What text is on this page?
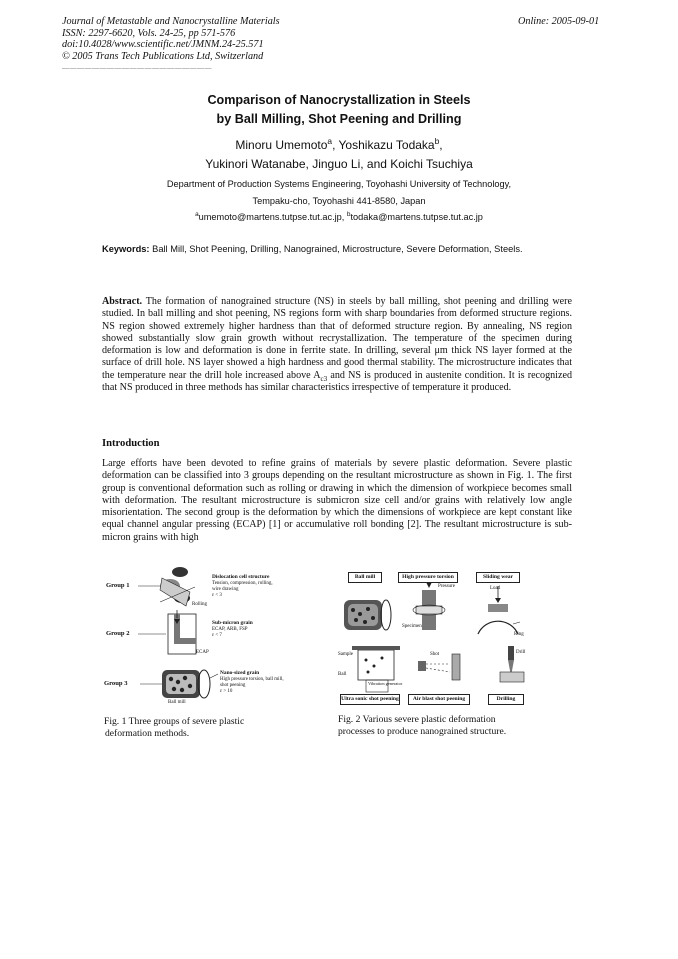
Journal of Metastable and Nanocrystalline Materials
ISSN: 2297-6620, Vols. 24-25, pp 571-576
doi:10.4028/www.scientific.net/JMNM.24-25.571
© 2005 Trans Tech Publications Ltd, Switzerland
Online: 2005-09-01
————————————————————
Comparison of Nanocrystallization in Steels
by Ball Milling, Shot Peening and Drilling
Minoru Umemoto$^a$, Yoshikazu Todaka$^b$,
Yukinori Watanabe, Jinguo Li, and Koichi Tsuchiya
Department of Production Systems Engineering, Toyohashi University of Technology,
Tempaku-cho, Toyohashi 441-8580, Japan
$^a$umemoto@martens.tutpse.tut.ac.jp, $^b$todaka@martens.tutpse.tut.ac.jp
Keywords: Ball Mill, Shot Peening, Drilling, Nanograined, Microstructure, Severe Deformation, Steels.
Abstract. The formation of nanograined structure (NS) in steels by ball milling, shot peening and drilling were studied. In ball milling and shot peening, NS regions form with sharp boundaries from deformed structure regions. NS region showed extremely higher hardness than that of deformed structure region. By annealing, NS region showed substantially slow grain growth without recrystallization. The temperature of the specimen during deformation is low and deformation is done in ferrite state. In drilling, several μm thick NS layer formed at the surface of drill hole. NS layer showed a high hardness and good thermal stability. The microstructure indicates that the temperature near the drill hole increased above $A_{c3}$ and NS is produced in austenite condition. It is recognized that NS produced in three methods has similar characteristics irrespective of temperature it produced.
Introduction
Large efforts have been devoted to refine grains of materials by severe plastic deformation. Severe plastic deformation can be classified into 3 groups depending on the resultant microstructure as shown in Fig. 1. The first group is conventional deformation such as rolling or drawing in which the dimension of workpiece becomes small with deformation. The resultant microstructure is submicron size cell and/or grains with relatively low angle misorientation. The second group is the deformation by which the dimensions of workpiece are kept constant like equal channel angular pressing (ECAP) [1] or accumulative roll bonding [2]. The resultant microstructure is sub-micron grains with high
Group 1
Group 2
Group 3
Dislocation cell structure
Tension, compression, rolling,
wire drawing
ε < 3
Rolling
Sub-micron grain
ECAP, ARB, FSP
ε < 7
ECAP
Nano-sized grain
High pressure torsion, ball mill,
shot peening
ε > 10
Ball mill
Fig. 1 Three groups of severe plastic
deformation methods.
Ball mill	High pressure torsion	Sliding wear
Pressure
Specimen
Load
Ring
Sample
Ball
Vibration generator
Shot	Drill
Ultra sonic shot peening	Air blast shot peening	Drilling
Fig. 2 Various severe plastic deformation
processes to produce nanograined structure.
